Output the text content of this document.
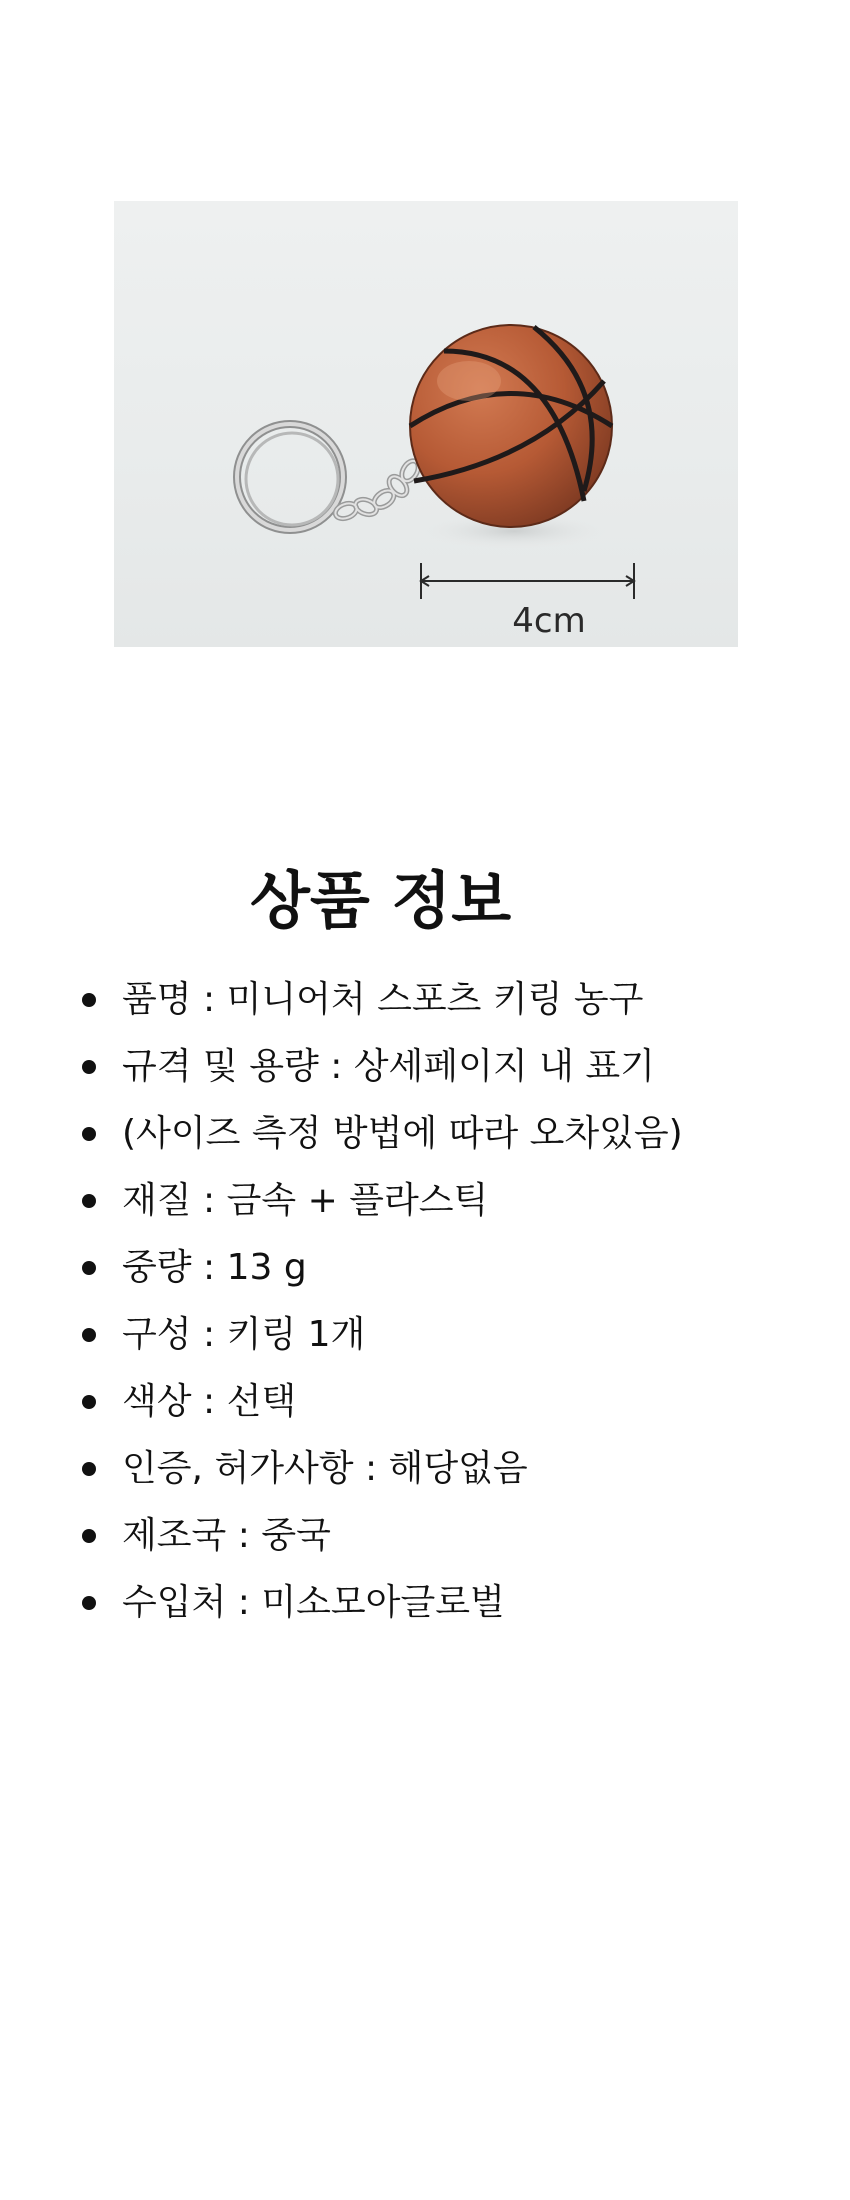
4cm
상품 정보
품명 : 미니어처 스포츠 키링 농구
규격 및 용량 : 상세페이지 내 표기
(사이즈 측정 방법에 따라 오차있음)
재질 : 금속 + 플라스틱
중량 : 13 g
구성 : 키링 1개
색상 : 선택
인증, 허가사항 : 해당없음
제조국 : 중국
수입처 : 미소모아글로벌
